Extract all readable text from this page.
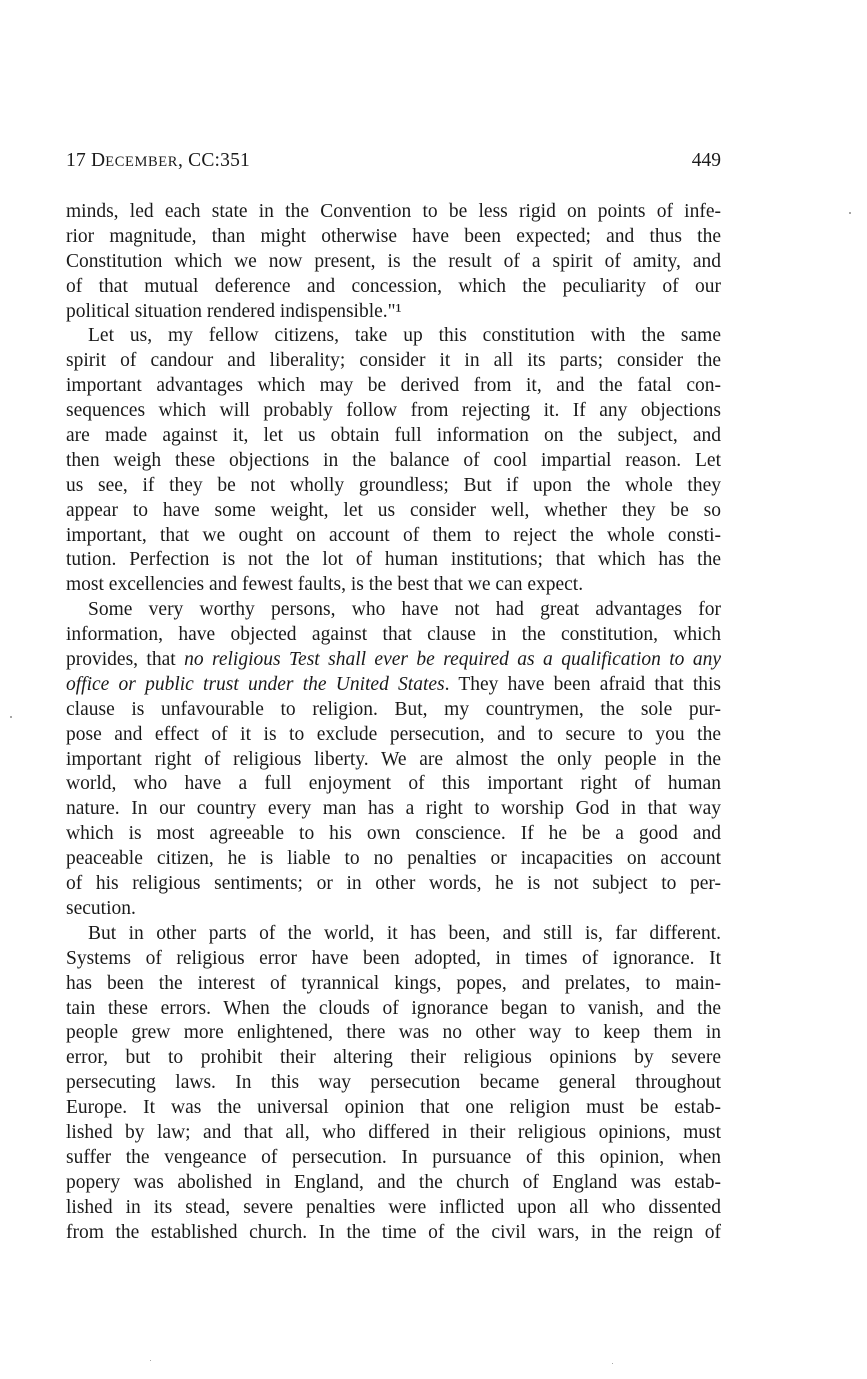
17 DECEMBER, CC:351	449
minds, led each state in the Convention to be less rigid on points of infe-
rior magnitude, than might otherwise have been expected; and thus the
Constitution which we now present, is the result of a spirit of amity, and
of that mutual deference and concession, which the peculiarity of our
political situation rendered indispensible."¹
Let us, my fellow citizens, take up this constitution with the same
spirit of candour and liberality; consider it in all its parts; consider the
important advantages which may be derived from it, and the fatal con-
sequences which will probably follow from rejecting it. If any objections
are made against it, let us obtain full information on the subject, and
then weigh these objections in the balance of cool impartial reason. Let
us see, if they be not wholly groundless; But if upon the whole they
appear to have some weight, let us consider well, whether they be so
important, that we ought on account of them to reject the whole consti-
tution. Perfection is not the lot of human institutions; that which has the
most excellencies and fewest faults, is the best that we can expect.
Some very worthy persons, who have not had great advantages for
information, have objected against that clause in the constitution, which
provides, that no religious Test shall ever be required as a qualification to any
office or public trust under the United States. They have been afraid that this
clause is unfavourable to religion. But, my countrymen, the sole pur-
pose and effect of it is to exclude persecution, and to secure to you the
important right of religious liberty. We are almost the only people in the
world, who have a full enjoyment of this important right of human
nature. In our country every man has a right to worship God in that way
which is most agreeable to his own conscience. If he be a good and
peaceable citizen, he is liable to no penalties or incapacities on account
of his religious sentiments; or in other words, he is not subject to per-
secution.
But in other parts of the world, it has been, and still is, far different.
Systems of religious error have been adopted, in times of ignorance. It
has been the interest of tyrannical kings, popes, and prelates, to main-
tain these errors. When the clouds of ignorance began to vanish, and the
people grew more enlightened, there was no other way to keep them in
error, but to prohibit their altering their religious opinions by severe
persecuting laws. In this way persecution became general throughout
Europe. It was the universal opinion that one religion must be estab-
lished by law; and that all, who differed in their religious opinions, must
suffer the vengeance of persecution. In pursuance of this opinion, when
popery was abolished in England, and the church of England was estab-
lished in its stead, severe penalties were inflicted upon all who dissented
from the established church. In the time of the civil wars, in the reign of
